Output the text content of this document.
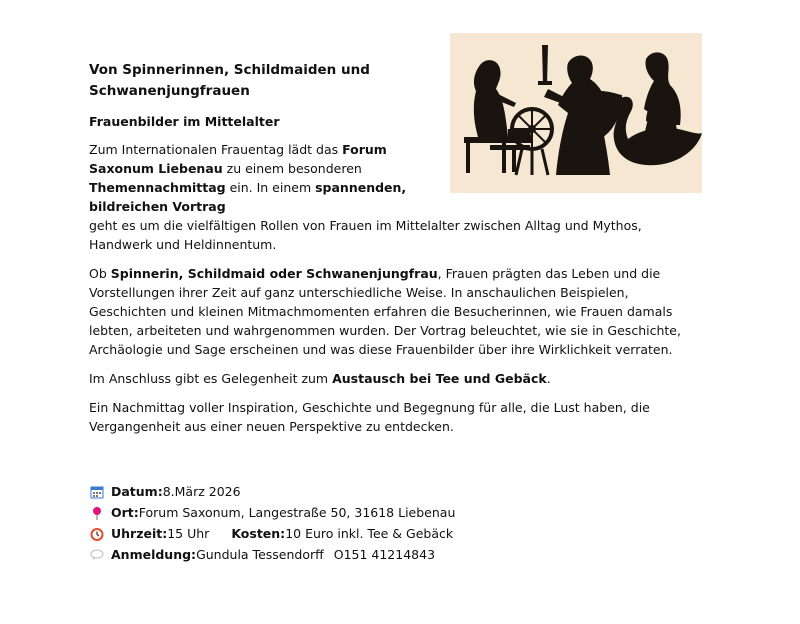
Von Spinnerinnen, Schildmaiden und Schwanenjungfrauen
Frauenbilder im Mittelalter

Zum Internationalen Frauentag lädt das Forum Saxonum Liebenau zu einem besonderen Themennachmittag ein. In einem spannenden, bildreichen Vortrag
geht es um die vielfältigen Rollen von Frauen im Mittelalter zwischen Alltag und Mythos, Handwerk und Heldinnentum.

Ob Spinnerin, Schildmaid oder Schwanenjungfrau, Frauen prägten das Leben und die Vorstellungen ihrer Zeit auf ganz unterschiedliche Weise. In anschaulichen Beispielen, Geschichten und kleinen Mitmachmomenten erfahren die Besucherinnen, wie Frauen damals lebten, arbeiteten und wahrgenommen wurden. Der Vortrag beleuchtet, wie sie in Geschichte, Archäologie und Sage erscheinen und was diese Frauenbilder über ihre Wirklichkeit verraten.

Im Anschluss gibt es Gelegenheit zum Austausch bei Tee und Gebäck.

Ein Nachmittag voller Inspiration, Geschichte und Begegnung für alle, die Lust haben, die Vergangenheit aus einer neuen Perspektive zu entdecken.

Datum: 8.März 2026
Ort: Forum Saxonum, Langestraße 50, 31618 Liebenau
Uhrzeit: 15 Uhr Kosten: 10 Euro inkl. Tee & Gebäck
Anmeldung: Gundula Tessendorff O151 41214843
